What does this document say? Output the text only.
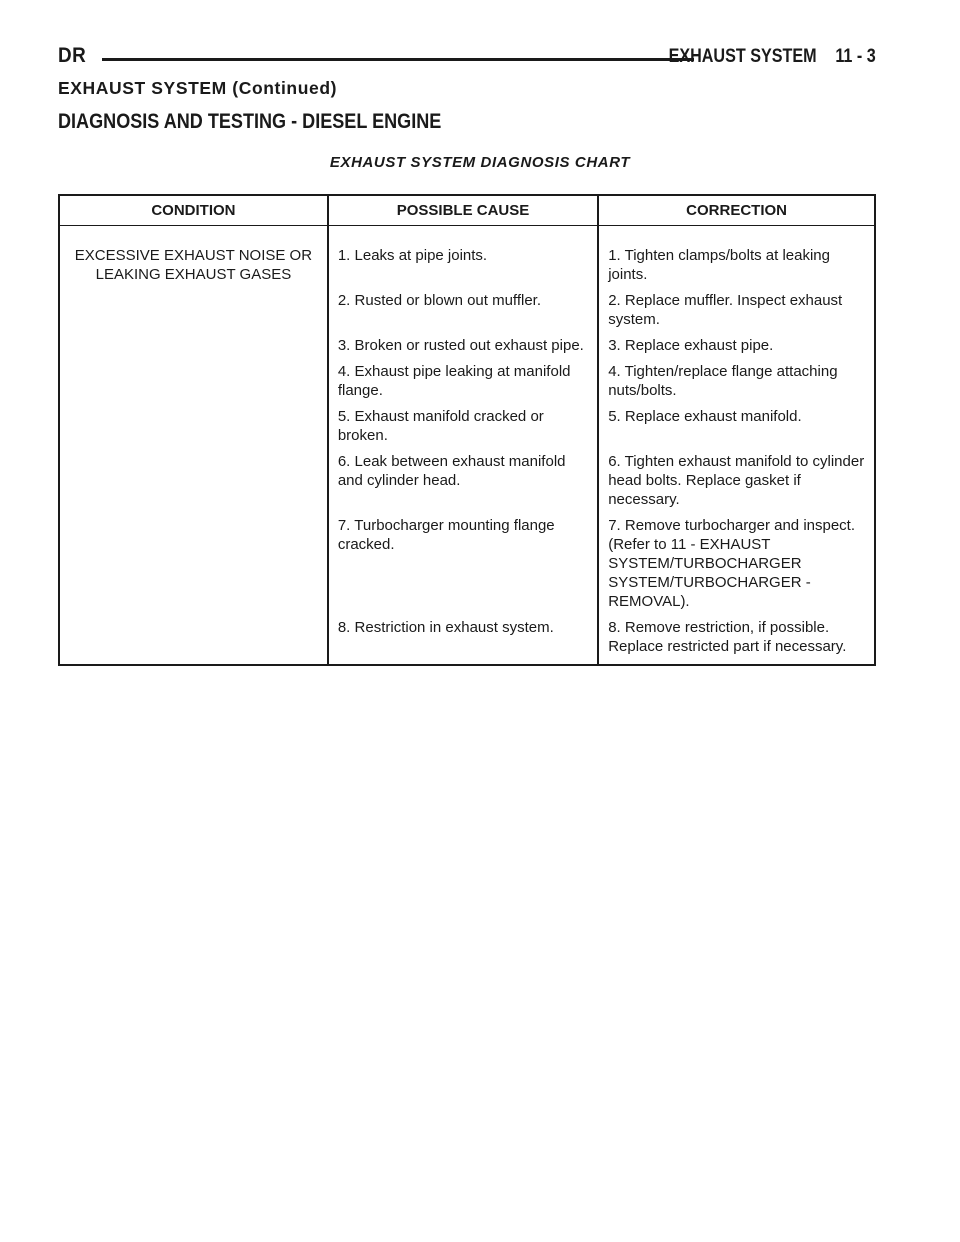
DR	EXHAUST SYSTEM 11 - 3
EXHAUST SYSTEM (Continued)
DIAGNOSIS AND TESTING - DIESEL ENGINE
EXHAUST SYSTEM DIAGNOSIS CHART
CONDITION	POSSIBLE CAUSE	CORRECTION
EXCESSIVE EXHAUST NOISE OR LEAKING EXHAUST GASES	1. Leaks at pipe joints.	1. Tighten clamps/bolts at leaking joints.
	2. Rusted or blown out muffler.	2. Replace muffler. Inspect exhaust system.
	3. Broken or rusted out exhaust pipe.	3. Replace exhaust pipe.
	4. Exhaust pipe leaking at manifold flange.	4. Tighten/replace flange attaching nuts/bolts.
	5. Exhaust manifold cracked or broken.	5. Replace exhaust manifold.
	6. Leak between exhaust manifold and cylinder head.	6. Tighten exhaust manifold to cylinder head bolts. Replace gasket if necessary.
	7. Turbocharger mounting flange cracked.	7. Remove turbocharger and inspect. (Refer to 11 - EXHAUST SYSTEM/TURBOCHARGER SYSTEM/TURBOCHARGER - REMOVAL).
	8. Restriction in exhaust system.	8. Remove restriction, if possible. Replace restricted part if necessary.
